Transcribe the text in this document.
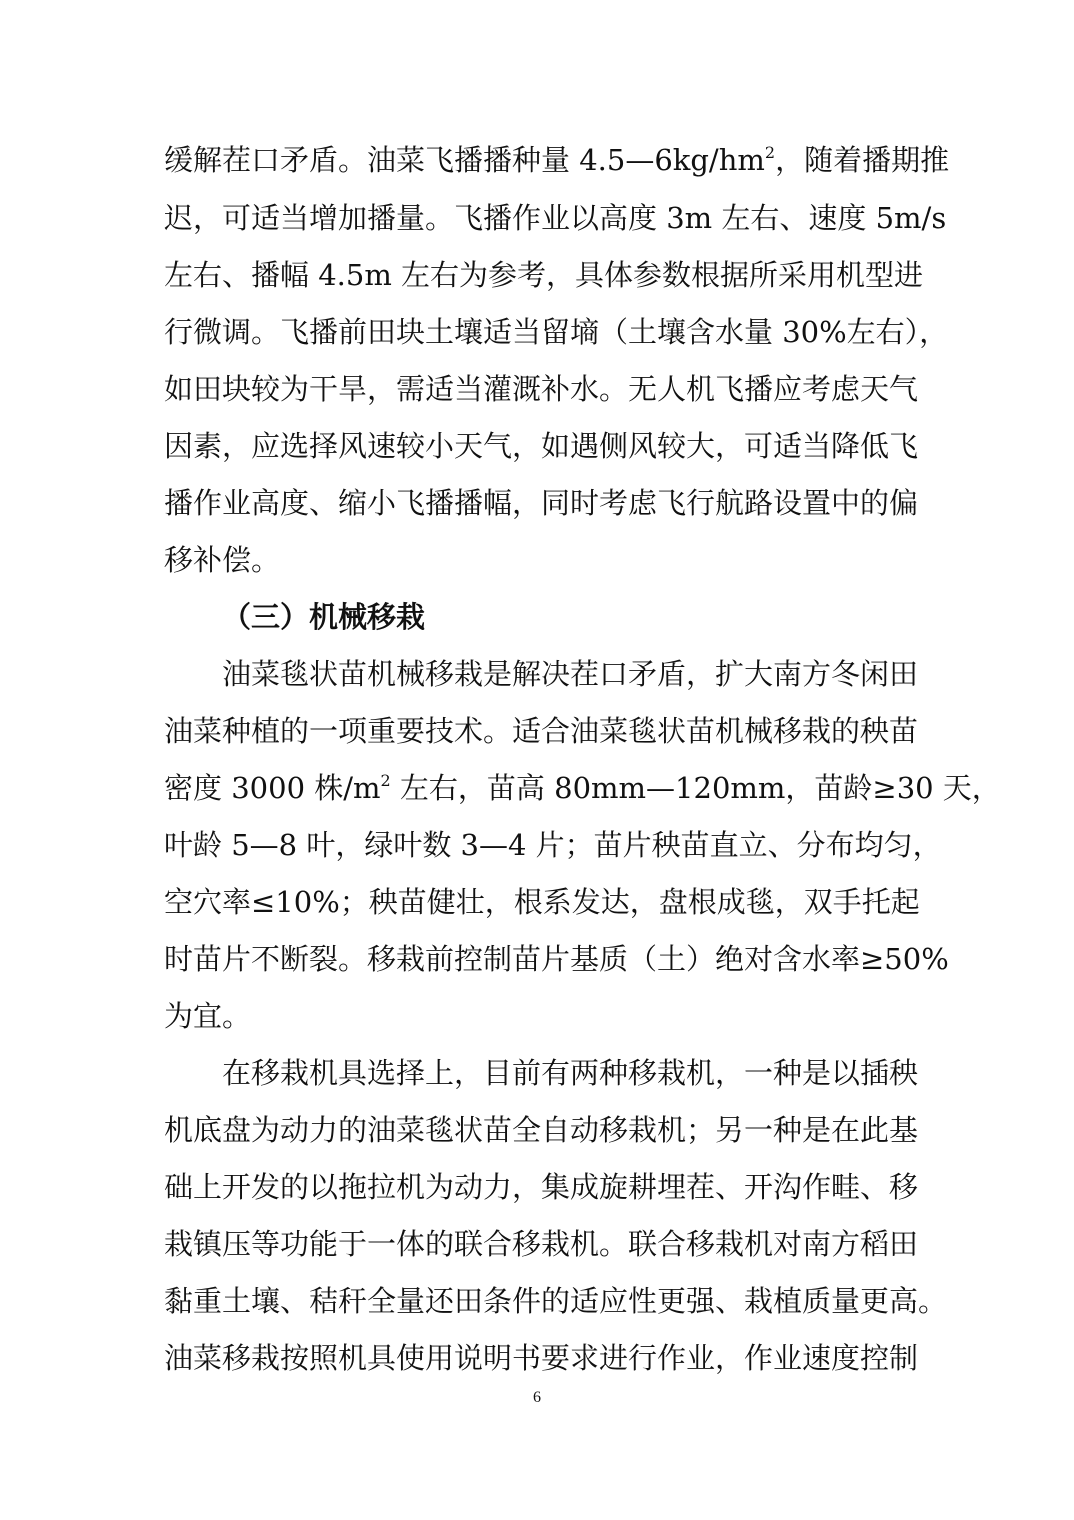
缓解茬口矛盾。油菜飞播播种量 $4.5—6kg/hm^2$，随着播期推
迟，可适当增加播量。飞播作业以高度 3m 左右、速度 5m/s
左右、播幅 4.5m 左右为参考，具体参数根据所采用机型进
行微调。飞播前田块土壤适当留墒（土壤含水量 30%左右），
如田块较为干旱，需适当灌溉补水。无人机飞播应考虑天气
因素，应选择风速较小天气，如遇侧风较大，可适当降低飞
播作业高度、缩小飞播播幅，同时考虑飞行航路设置中的偏
移补偿。
（三）机械移栽
油菜毯状苗机械移栽是解决茬口矛盾，扩大南方冬闲田
油菜种植的一项重要技术。适合油菜毯状苗机械移栽的秧苗
密度 3000 株$/m^2$ 左右，苗高 80mm—120mm，苗龄≥30 天，
叶龄 5—8 叶，绿叶数 3—4 片；苗片秧苗直立、分布均匀，
空穴率≤10%；秧苗健壮，根系发达，盘根成毯，双手托起
时苗片不断裂。移栽前控制苗片基质（土）绝对含水率≥50%
为宜。
在移栽机具选择上，目前有两种移栽机，一种是以插秧
机底盘为动力的油菜毯状苗全自动移栽机；另一种是在此基
础上开发的以拖拉机为动力，集成旋耕埋茬、开沟作畦、移
栽镇压等功能于一体的联合移栽机。联合移栽机对南方稻田
黏重土壤、秸秆全量还田条件的适应性更强、栽植质量更高。
油菜移栽按照机具使用说明书要求进行作业，作业速度控制
6
